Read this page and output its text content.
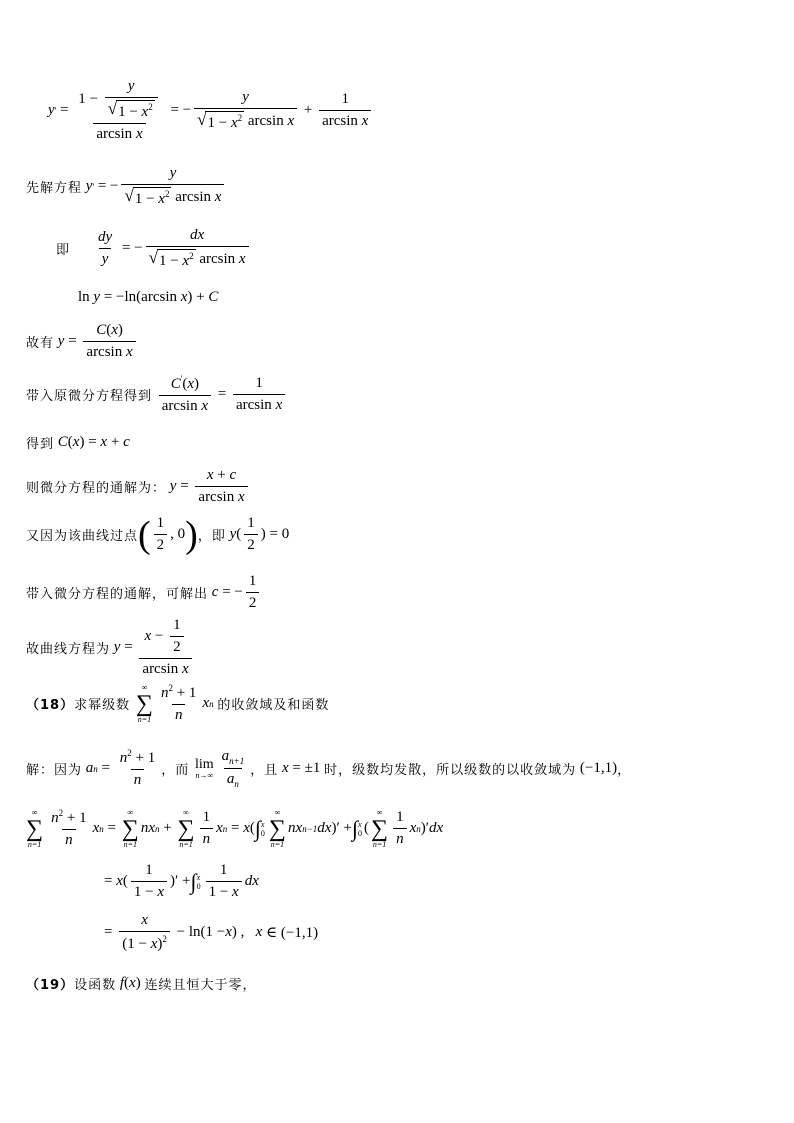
y ' = $\frac{1 - \frac{y}{√ 1 - x^2}}{\text{arcsin x}}$ = − $\frac{y}{√ 1 - x^2 \arcsin x} + \frac{1}{\text{arcsin x}}$
先解方程
y ' = − $\frac{y}{√ 1 - x^2 \arcsin x}$
即 $\frac{dy}{y}$ = − $\frac{dx}{√ 1 - x^2 \arcsin x}$
ln y = −ln(arcsin x ) + C
故有
$y = \frac{C(x)}{\text{arcsin x}}$
带入原微分方程得到
$\frac{C'(x)}{\text{arcsin x}} = \frac{1}{\text{arcsin x}}$
得到
C ( x ) = x + c
则微分方程的通解为：
$y = \frac{x + c}{\text{arcsin x}}$
又因为该曲线过点 ( $\frac{1}{2}$ , 0 ) ，即
y ( $\frac{1}{2}$ ) = 0
带入微分方程的通解，可解出
c = − $\frac{1}{2}$
故曲线方程为
$y = \frac{x - \frac{1}{2}}{\text{arcsin x}}$
（18） 求幂级数

∞
∑
$n=1 \frac{n^2 + 1}{n}$ x n
的收敛域及和函数
解：因为
a $n = \frac{n^2 + 1}{n}$ ，而
lim
$n\to\infty \frac{a_{n+1}}{a_n}$ ，且
x = ±1 时，级数均发散，所以级数的以收敛域为 (−1,1) ，
∞
∑
$n=1 \frac{n^2 + 1}{n}$ x n =
∞
∑
n=1
nx n +
∞
∑
$n=1 \frac{1}{n}$ x n = x ( ∫ x
0
∞
∑
n=1
nx n−1 dx )′ + ∫ x
0 (
∞
∑
$n=1 \frac{1}{n}$ x n )′ dx
= x ( $\frac{1}{1 - x}$ )′ + ∫ x
$0 \frac{1}{1 - x}$ dx
= $\frac{x}{(1 - x)^2} - \ln(1 - x$ ) , x ∈ (−1,1)
（19） 设函数
f ( x ) 连续且恒大于零，
